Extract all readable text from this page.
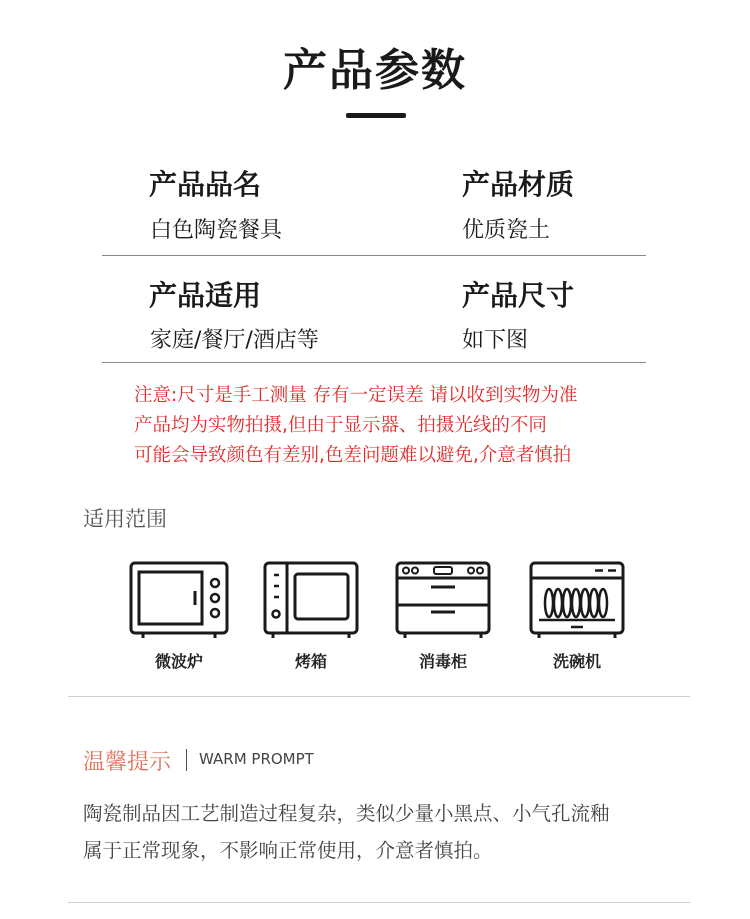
产品参数
产品品名
白色陶瓷餐具
产品材质
优质瓷土
产品适用
家庭/餐厅/酒店等
产品尺寸
如下图
注意:尺寸是手工测量 存有一定误差 请以收到实物为准
产品均为实物拍摄,但由于显示器、拍摄光线的不同
可能会导致颜色有差别,色差问题难以避免,介意者慎拍
适用范围
微波炉	烤箱	消毒柜	洗碗机
温馨提示 WARM PROMPT
陶瓷制品因工艺制造过程复杂，类似少量小黑点、小气孔流釉
属于正常现象，不影响正常使用，介意者慎拍。
